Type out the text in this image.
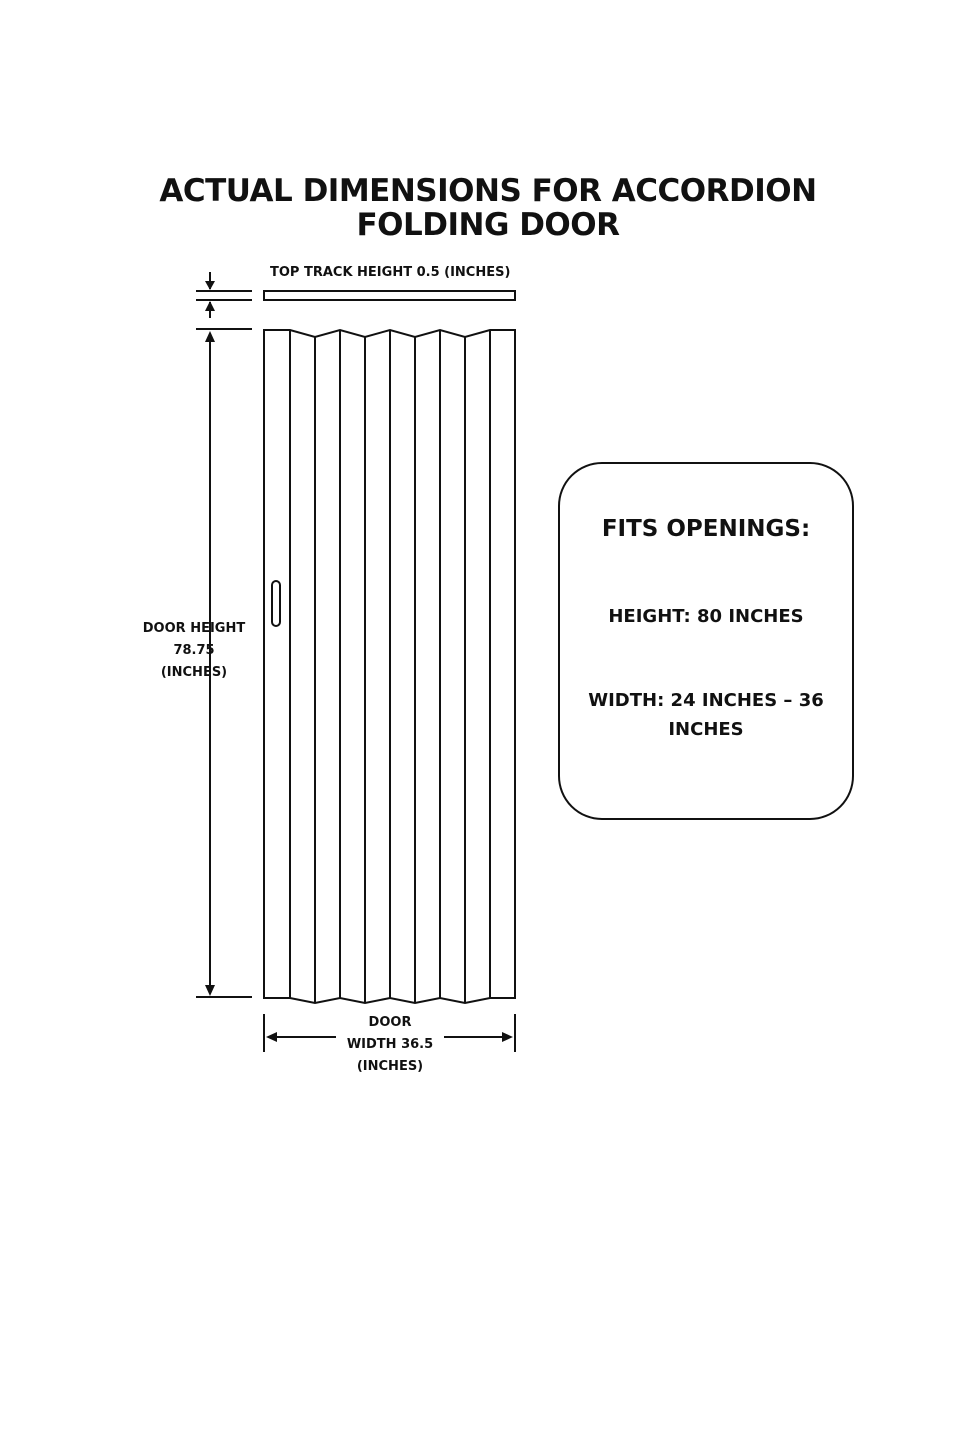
ACTUAL DIMENSIONS FOR ACCORDION
FOLDING DOOR
TOP TRACK HEIGHT 0.5 (INCHES)
DOOR HEIGHT
78.75
(INCHES)
DOOR
WIDTH 36.5
(INCHES)
FITS OPENINGS:
HEIGHT: 80 INCHES
WIDTH: 24 INCHES – 36
INCHES
